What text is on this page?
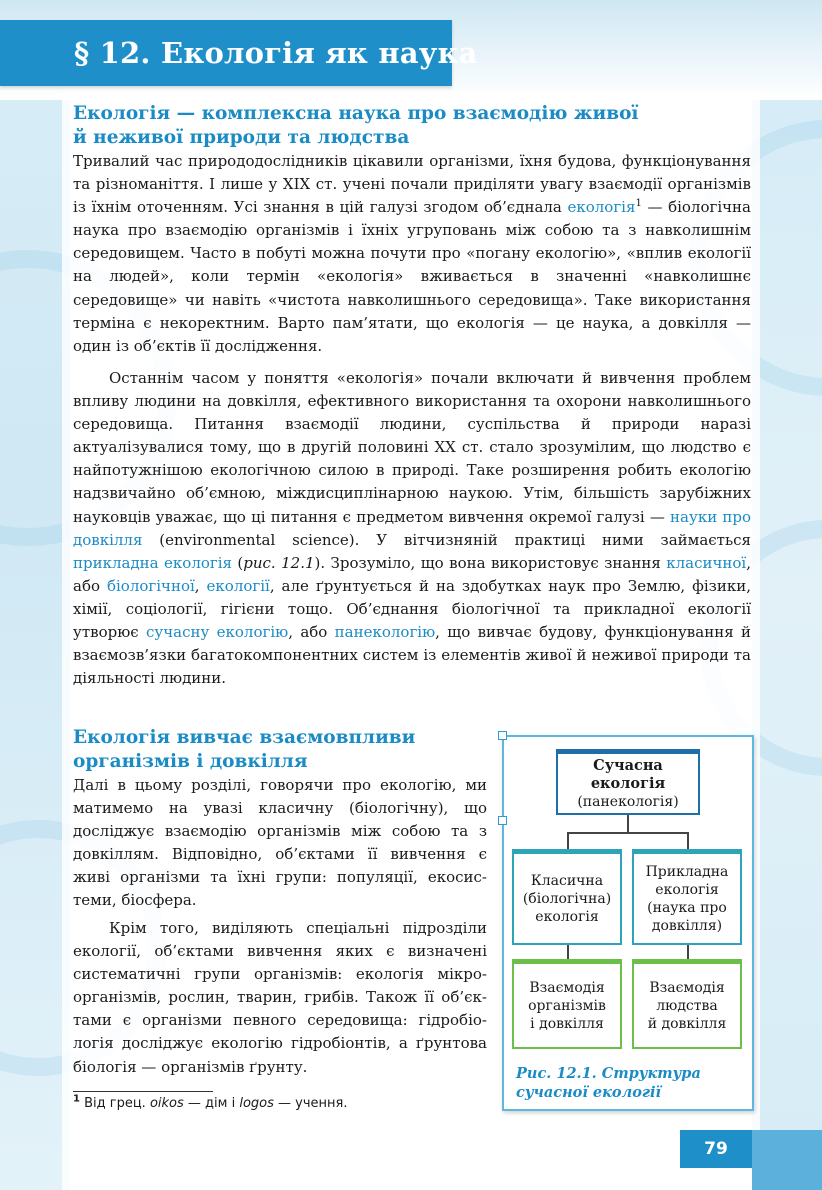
§ 12. Екологія як наука
Екологія — комплексна наука про взаємодію живої
й неживої природи та людства

Тривалий час природодослідників цікавили організми, їхня будова, функціонування та різноманіття. І лише у XIX ст. учені почали приділяти увагу взаємодії організмів із їхнім оточенням. Усі знання в цій галузі згодом об’єднала екологія$^1$ — біологічна наука про взаємодію організмів і їхніх угруповань між собою та з навколишнім середовищем. Часто в побуті можна почути про «погану екологію», «вплив екології на людей», коли термін «екологія» вживається в значенні «навколишнє середовище» чи навіть «чистота навколишнього середовища». Таке використання терміна є некоректним. Варто пам’ятати, що екологія — це наука, а довкілля — один із об’єктів її дослідження.

Останнім часом у поняття «екологія» почали включати й вивчення проблем впливу людини на довкілля, ефективного використання та охорони навколишнього середовища. Питання взаємодії людини, суспільства й природи наразі актуалізувалися тому, що в другій половині XX ст. стало зрозумілим, що людство є найпотужнішою екологічною силою в природі. Таке розширення робить екологію надзвичайно об’ємною, міждисциплінарною наукою. Утім, більшість зарубіжних науковців уважає, що ці питання є предметом вивчення окремої галузі — науки про довкілля (environmental science). У вітчизняній практиці ними займається прикладна екологія (рис. 12.1). Зрозуміло, що вона використовує знання класичної, або біологічної, екології, але ґрунтується й на здобутках наук про Землю, фізики, хімії, соціології, гігієни тощо. Об’єднання біологічної та прикладної екології утворює сучасну екологію, або панекологію, що вивчає будову, функціонування й взаємозв’язки багатокомпонентних систем із елементів живої й неживої природи та діяльності людини.

Екологія вивчає взаємовпливи
організмів і довкілля

Далі в цьому розділі, говорячи про екологію, ми матимемо на увазі класичну (біологічну), що досліджує взаємодію організмів між собою та з довкіллям. Відповідно, об’єктами її вивчення є живі організми та їхні групи: популяції, екосистеми, біосфера.

Крім того, виділяють спеціальні підрозділи екології, об’єктами вивчення яких є визначені систематичні групи організмів: екологія мікроорганізмів, рослин, тварин, грибів. Також її об’єктами є організми певного середовища: гідробіологія досліджує екологію гідробіонтів, а ґрунтова біологія — організмів ґрунту.

$^1$ Від грец. oikos — дім і logos — учення.
Сучасна екологія
(панекологія)
Класична
(біологічна)
екологія
Прикладна
екологія
(наука про
довкілля)
Взаємодія
організмів
і довкілля
Взаємодія
людства
й довкілля
Рис. 12.1. Структура
сучасної екології
79
